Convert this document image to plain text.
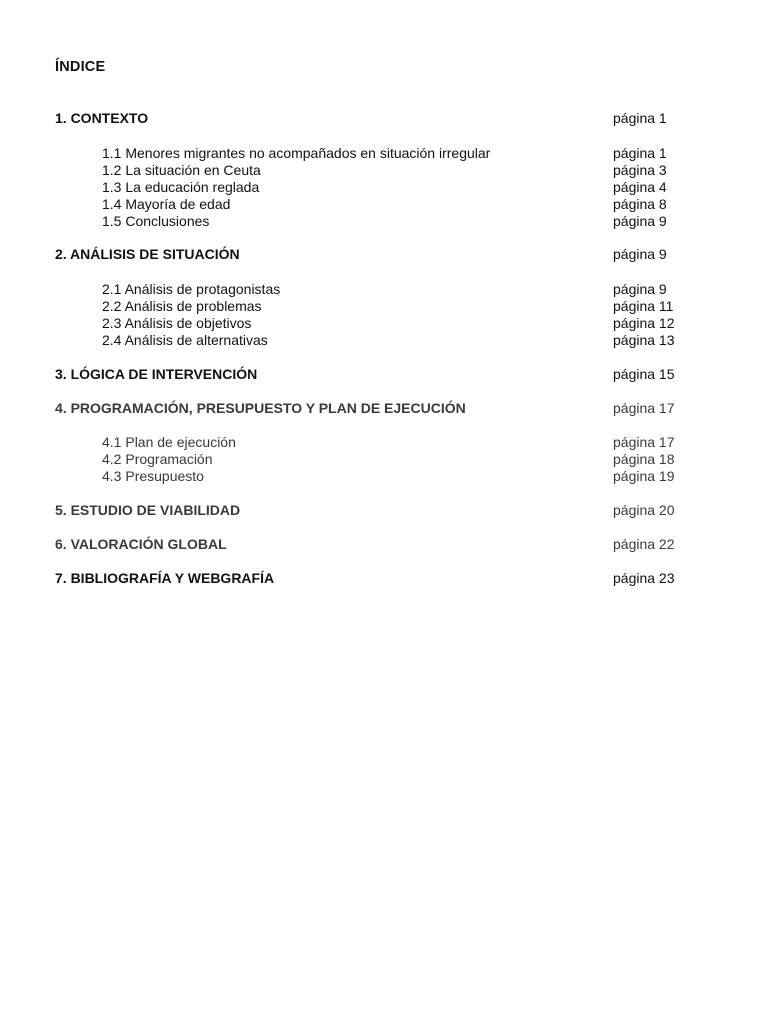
ÍNDICE
1. CONTEXTO	página 1
1.1 Menores migrantes no acompañados en situación irregular	página 1
1.2 La situación en Ceuta	página 3
1.3 La educación reglada	página 4
1.4 Mayoría de edad	página 8
1.5 Conclusiones	página 9
2. ANÁLISIS DE SITUACIÓN	página 9
2.1 Análisis de protagonistas	página 9
2.2 Análisis de problemas	página 11
2.3 Análisis de objetivos	página 12
2.4 Análisis de alternativas	página 13
3. LÓGICA DE INTERVENCIÓN	página 15
4. PROGRAMACIÓN, PRESUPUESTO Y PLAN DE EJECUCIÓN	página 17
4.1 Plan de ejecución	página 17
4.2 Programación	página 18
4.3 Presupuesto	página 19
5. ESTUDIO DE VIABILIDAD	página 20
6. VALORACIÓN GLOBAL	página 22
7. BIBLIOGRAFÍA Y WEBGRAFÍA	página 23
